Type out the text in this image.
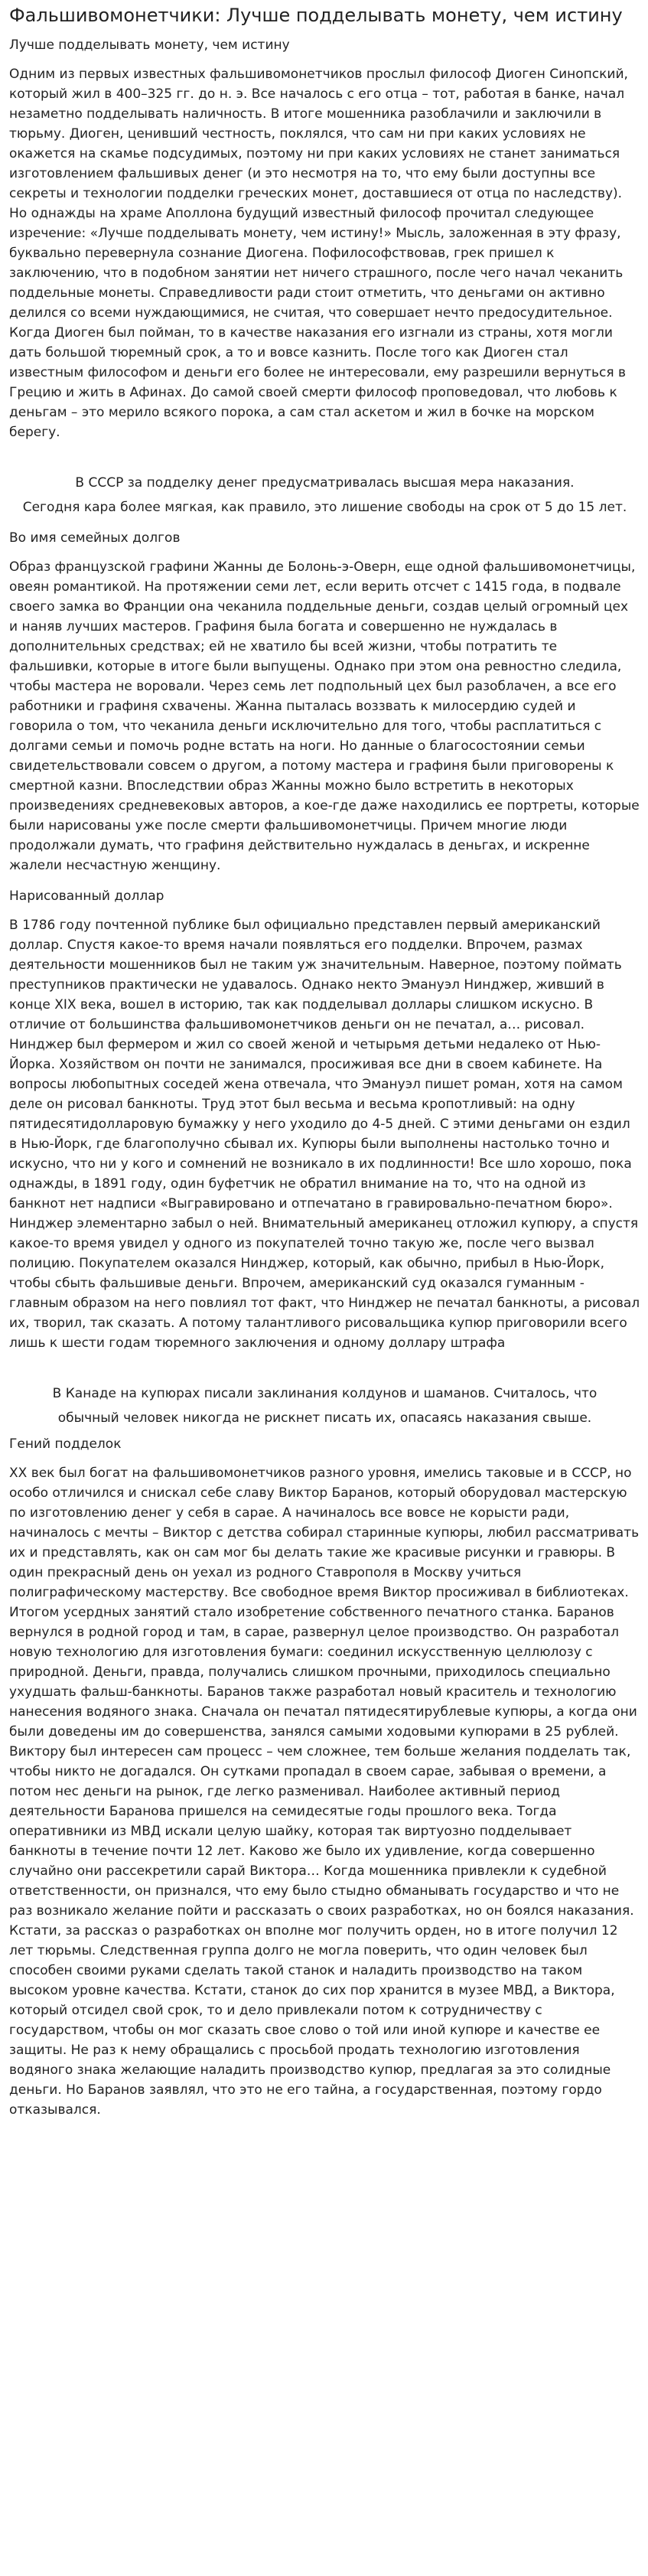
Фальшивомонетчики: Лучше подделывать монету, чем истину
Лучше подделывать монету, чем истину

Одним из первых известных фальшивомонетчиков прослыл философ Диоген Синопский, который жил в 400–325 гг. до н. э. Все началось с его отца – тот, работая в банке, начал незаметно подделывать наличность. В итоге мошенника разоблачили и заключили в тюрьму. Диоген, ценивший честность, поклялся, что сам ни при каких условиях не окажется на скамье подсудимых, поэтому ни при каких условиях не станет заниматься изготовлением фальшивых денег (и это несмотря на то, что ему были доступны все секреты и технологии подделки греческих монет, доставшиеся от отца по наследству). Но однажды на храме Аполлона будущий известный философ прочитал следующее изречение: «Лучше подделывать монету, чем истину!» Мысль, заложенная в эту фразу, буквально перевернула сознание Диогена. Пофилософствовав, грек пришел к заключению, что в подобном занятии нет ничего страшного, после чего начал чеканить поддельные монеты. Справедливости ради стоит отметить, что деньгами он активно делился со всеми нуждающимися, не считая, что совершает нечто предосудительное. Когда Диоген был пойман, то в качестве наказания его изгнали из страны, хотя могли дать большой тюремный срок, а то и вовсе казнить. После того как Диоген стал известным философом и деньги его более не интересовали, ему разрешили вернуться в Грецию и жить в Афинах. До самой своей смерти философ проповедовал, что любовь к деньгам – это мерило всякого порока, а сам стал аскетом и жил в бочке на морском берегу.

В СССР за подделку денег предусматривалась высшая мера наказания.

Сегодня кара более мягкая, как правило, это лишение свободы на срок от 5 до 15 лет.

Во имя семейных долгов

Образ французской графини Жанны де Болонь-э-Оверн, еще одной фальшивомонетчицы, овеян романтикой. На протяжении семи лет, если верить отсчет с 1415 года, в подвале своего замка во Франции она чеканила поддельные деньги, создав целый огромный цех и наняв лучших мастеров. Графиня была богата и совершенно не нуждалась в дополнительных средствах; ей не хватило бы всей жизни, чтобы потратить те фальшивки, которые в итоге были выпущены. Однако при этом она ревностно следила, чтобы мастера не воровали. Через семь лет подпольный цех был разоблачен, а все его работники и графиня схвачены. Жанна пыталась воззвать к милосердию судей и говорила о том, что чеканила деньги исключительно для того, чтобы расплатиться с долгами семьи и помочь родне встать на ноги. Но данные о благосостоянии семьи свидетельствовали совсем о другом, а потому мастера и графиня были приговорены к смертной казни. Впоследствии образ Жанны можно было встретить в некоторых произведениях средневековых авторов, а кое-где даже находились ее портреты, которые были нарисованы уже после смерти фальшивомонетчицы. Причем многие люди продолжали думать, что графиня действительно нуждалась в деньгах, и искренне жалели несчастную женщину.

Нарисованный доллар

В 1786 году почтенной публике был официально представлен первый американский доллар. Спустя какое-то время начали появляться его подделки. Впрочем, размах деятельности мошенников был не таким уж значительным. Наверное, поэтому поймать преступников практически не удавалось. Однако некто Эмануэл Нинджер, живший в конце XIX века, вошел в историю, так как подделывал доллары слишком искусно. В отличие от большинства фальшивомонетчиков деньги он не печатал, а… рисовал. Нинджер был фермером и жил со своей женой и четырьмя детьми недалеко от Нью-Йорка. Хозяйством он почти не занимался, просиживая все дни в своем кабинете. На вопросы любопытных соседей жена отвечала, что Эмануэл пишет роман, хотя на самом деле он рисовал банкноты. Труд этот был весьма и весьма кропотливый: на одну пятидесятидолларовую бумажку у него уходило до 4-5 дней. С этими деньгами он ездил в Нью-Йорк, где благополучно сбывал их. Купюры были выполнены настолько точно и искусно, что ни у кого и сомнений не возникало в их подлинности! Все шло хорошо, пока однажды, в 1891 году, один буфетчик не обратил внимание на то, что на одной из банкнот нет надписи «Выгравировано и отпечатано в гравировально-печатном бюро». Нинджер элементарно забыл о ней. Внимательный американец отложил купюру, а спустя какое-то время увидел у одного из покупателей точно такую же, после чего вызвал полицию. Покупателем оказался Нинджер, который, как обычно, прибыл в Нью-Йорк, чтобы сбыть фальшивые деньги. Впрочем, американский суд оказался гуманным - главным образом на него повлиял тот факт, что Нинджер не печатал банкноты, а рисовал их, творил, так сказать. А потому талантливого рисовальщика купюр приговорили всего лишь к шести годам тюремного заключения и одному доллару штрафа

В Канаде на купюрах писали заклинания колдунов и шаманов. Считалось, что

обычный человек никогда не рискнет писать их, опасаясь наказания свыше.

Гений подделок

XX век был богат на фальшивомонетчиков разного уровня, имелись таковые и в СССР, но особо отличился и снискал себе славу Виктор Баранов, который оборудовал мастерскую по изготовлению денег у себя в сарае. А начиналось все вовсе не корысти ради, начиналось с мечты – Виктор с детства собирал старинные купюры, любил рассматривать их и представлять, как он сам мог бы делать такие же красивые рисунки и гравюры. В один прекрасный день он уехал из родного Ставрополя в Москву учиться полиграфическому мастерству. Все свободное время Виктор просиживал в библиотеках. Итогом усердных занятий стало изобретение собственного печатного станка. Баранов вернулся в родной город и там, в сарае, развернул целое производство. Он разработал новую технологию для изготовления бумаги: соединил искусственную целлюлозу с природной. Деньги, правда, получались слишком прочными, приходилось специально ухудшать фальш-банкноты. Баранов также разработал новый краситель и технологию нанесения водяного знака. Сначала он печатал пятидесятирублевые купюры, а когда они были доведены им до совершенства, занялся самыми ходовыми купюрами в 25 рублей. Виктору был интересен сам процесс – чем сложнее, тем больше желания подделать так, чтобы никто не догадался. Он сутками пропадал в своем сарае, забывая о времени, а потом нес деньги на рынок, где легко разменивал. Наиболее активный период деятельности Баранова пришелся на семидесятые годы прошлого века. Тогда оперативники из МВД искали целую шайку, которая так виртуозно подделывает банкноты в течение почти 12 лет. Каково же было их удивление, когда совершенно случайно они рассекретили сарай Виктора… Когда мошенника привлекли к судебной ответственности, он признался, что ему было стыдно обманывать государство и что не раз возникало желание пойти и рассказать о своих разработках, но он боялся наказания. Кстати, за рассказ о разработках он вполне мог получить орден, но в итоге получил 12 лет тюрьмы. Следственная группа долго не могла поверить, что один человек был способен своими руками сделать такой станок и наладить производство на таком высоком уровне качества. Кстати, станок до сих пор хранится в музее МВД, а Виктора, который отсидел свой срок, то и дело привлекали потом к сотрудничеству с государством, чтобы он мог сказать свое слово о той или иной купюре и качестве ее защиты. Не раз к нему обращались с просьбой продать технологию изготовления водяного знака желающие наладить производство купюр, предлагая за это солидные деньги. Но Баранов заявлял, что это не его тайна, а государственная, поэтому гордо отказывался.
